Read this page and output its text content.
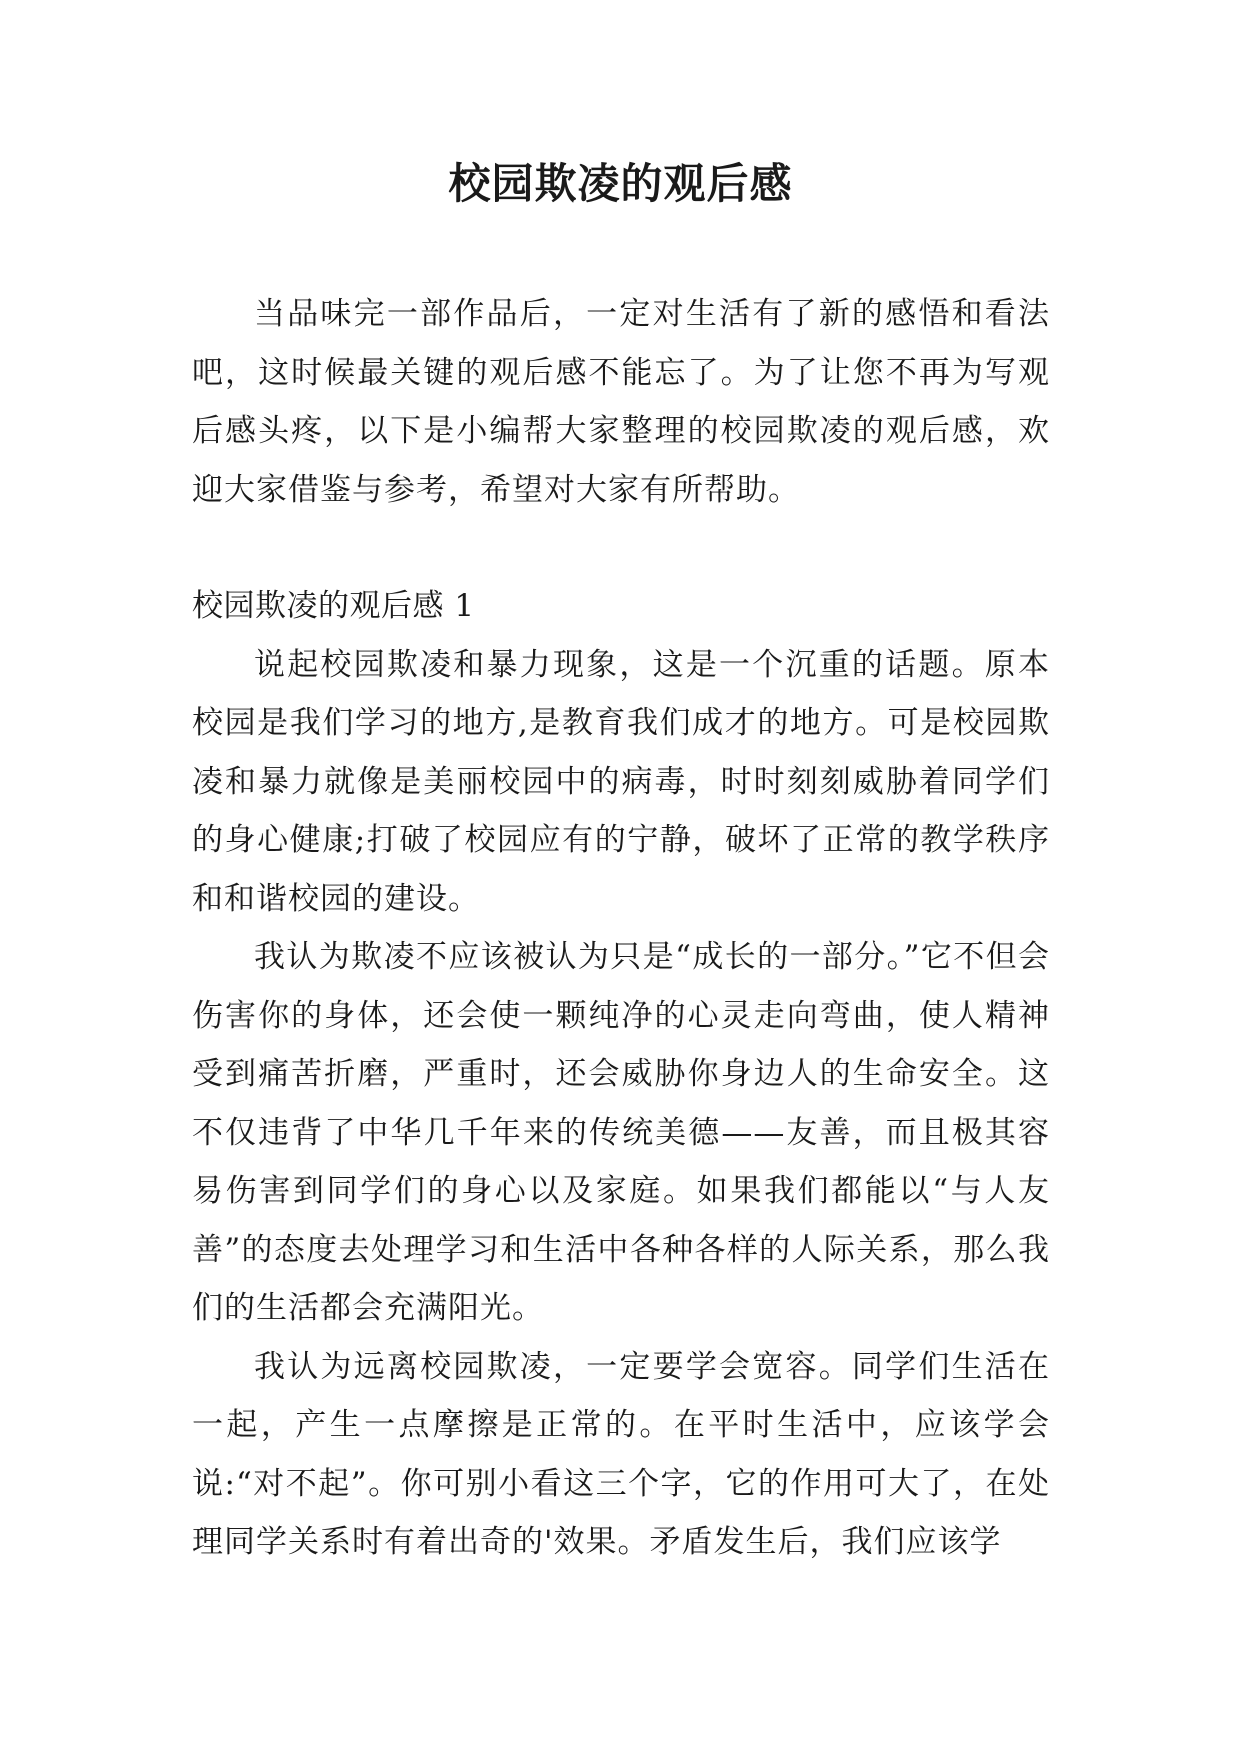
校园欺凌的观后感

当品味完一部作品后，一定对生活有了新的感悟和看法吧，这时候最关键的观后感不能忘了。为了让您不再为写观后感头疼，以下是小编帮大家整理的校园欺凌的观后感，欢迎大家借鉴与参考，希望对大家有所帮助。

校园欺凌的观后感 1

说起校园欺凌和暴力现象，这是一个沉重的话题。原本校园是我们学习的地方,是教育我们成才的地方。可是校园欺凌和暴力就像是美丽校园中的病毒，时时刻刻威胁着同学们的身心健康;打破了校园应有的宁静，破坏了正常的教学秩序和和谐校园的建设。

我认为欺凌不应该被认为只是“成长的一部分。”它不但会伤害你的身体，还会使一颗纯净的心灵走向弯曲，使人精神受到痛苦折磨，严重时，还会威胁你身边人的生命安全。这不仅违背了中华几千年来的传统美德——友善，而且极其容易伤害到同学们的身心以及家庭。如果我们都能以“与人友善”的态度去处理学习和生活中各种各样的人际关系，那么我们的生活都会充满阳光。

我认为远离校园欺凌，一定要学会宽容。同学们生活在一起，产生一点摩擦是正常的。在平时生活中，应该学会说:“对不起”。你可别小看这三个字，它的作用可大了，在处理同学关系时有着出奇的'效果。矛盾发生后，我们应该学
